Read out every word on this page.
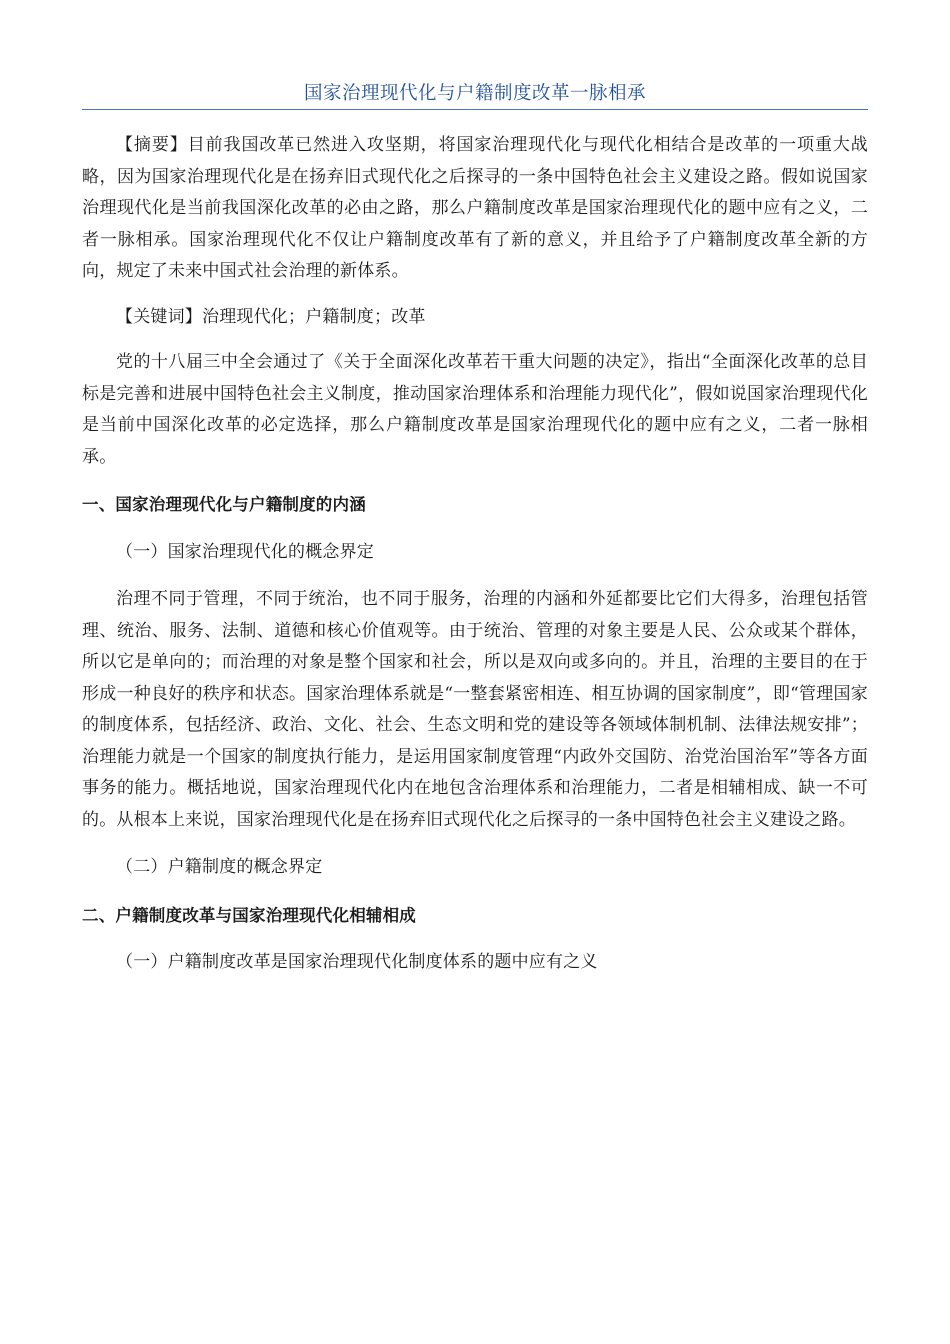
国家治理现代化与户籍制度改革一脉相承

【摘要】目前我国改革已然进入攻坚期，将国家治理现代化与现代化相结合是改革的一项重大战略，因为国家治理现代化是在扬弃旧式现代化之后探寻的一条中国特色社会主义建设之路。假如说国家治理现代化是当前我国深化改革的必由之路，那么户籍制度改革是国家治理现代化的题中应有之义，二者一脉相承。国家治理现代化不仅让户籍制度改革有了新的意义，并且给予了户籍制度改革全新的方向，规定了未来中国式社会治理的新体系。

【关键词】治理现代化；户籍制度；改革

党的十八届三中全会通过了《关于全面深化改革若干重大问题的决定》，指出“全面深化改革的总目标是完善和进展中国特色社会主义制度，推动国家治理体系和治理能力现代化”，假如说国家治理现代化是当前中国深化改革的必定选择，那么户籍制度改革是国家治理现代化的题中应有之义，二者一脉相承。

一、国家治理现代化与户籍制度的内涵

（一）国家治理现代化的概念界定

治理不同于管理，不同于统治，也不同于服务，治理的内涵和外延都要比它们大得多，治理包括管理、统治、服务、法制、道德和核心价值观等。由于统治、管理的对象主要是人民、公众或某个群体，所以它是单向的；而治理的对象是整个国家和社会，所以是双向或多向的。并且，治理的主要目的在于形成一种良好的秩序和状态。国家治理体系就是“一整套紧密相连、相互协调的国家制度”，即“管理国家的制度体系，包括经济、政治、文化、社会、生态文明和党的建设等各领域体制机制、法律法规安排”；治理能力就是一个国家的制度执行能力，是运用国家制度管理“内政外交国防、治党治国治军”等各方面事务的能力。概括地说，国家治理现代化内在地包含治理体系和治理能力，二者是相辅相成、缺一不可的。从根本上来说，国家治理现代化是在扬弃旧式现代化之后探寻的一条中国特色社会主义建设之路。

（二）户籍制度的概念界定

二、户籍制度改革与国家治理现代化相辅相成

（一）户籍制度改革是国家治理现代化制度体系的题中应有之义
